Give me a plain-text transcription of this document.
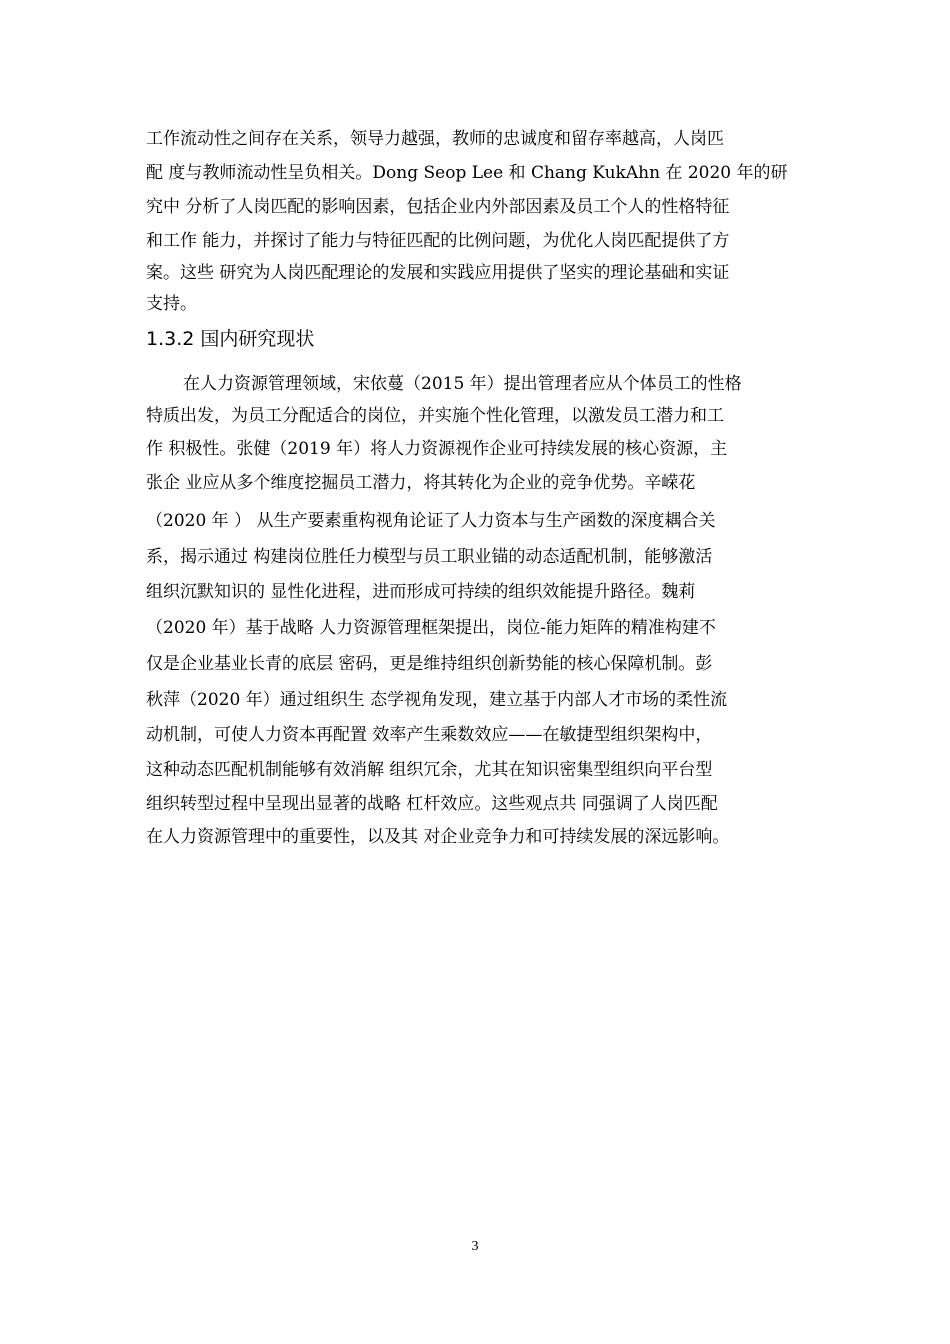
工作流动性之间存在关系，领导力越强，教师的忠诚度和留存率越高，人岗匹
配 度与教师流动性呈负相关。Dong Seop Lee 和 Chang KukAhn 在 2020 年的研
究中 分析了人岗匹配的影响因素，包括企业内外部因素及员工个人的性格特征
和工作 能力，并探讨了能力与特征匹配的比例问题，为优化人岗匹配提供了方
案。这些 研究为人岗匹配理论的发展和实践应用提供了坚实的理论基础和实证
支持。
1.3.2 国内研究现状
在人力资源管理领域，宋依蔓（2015 年）提出管理者应从个体员工的性格
特质出发，为员工分配适合的岗位，并实施个性化管理，以激发员工潜力和工
作 积极性。张健（2019 年）将人力资源视作企业可持续发展的核心资源，主
张企 业应从多个维度挖掘员工潜力，将其转化为企业的竞争优势。辛嵘花
（2020 年 ） 从生产要素重构视角论证了人力资本与生产函数的深度耦合关
系，揭示通过 构建岗位胜任力模型与员工职业锚的动态适配机制，能够激活
组织沉默知识的 显性化进程，进而形成可持续的组织效能提升路径。魏莉
（2020 年）基于战略 人力资源管理框架提出，岗位-能力矩阵的精准构建不
仅是企业基业长青的底层 密码，更是维持组织创新势能的核心保障机制。彭
秋萍（2020 年）通过组织生 态学视角发现，建立基于内部人才市场的柔性流
动机制，可使人力资本再配置 效率产生乘数效应——在敏捷型组织架构中，
这种动态匹配机制能够有效消解 组织冗余，尤其在知识密集型组织向平台型
组织转型过程中呈现出显著的战略 杠杆效应。这些观点共 同强调了人岗匹配
在人力资源管理中的重要性，以及其 对企业竞争力和可持续发展的深远影响。
3
